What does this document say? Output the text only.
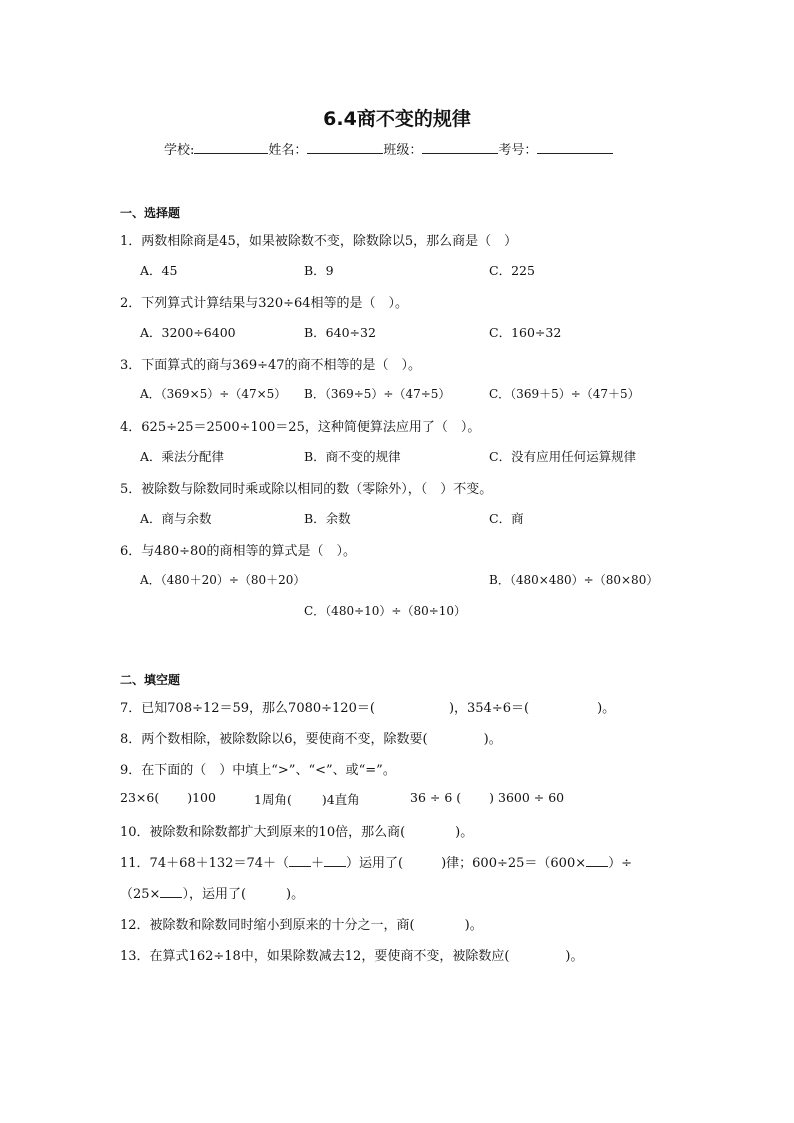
6.4商不变的规律
学校:	姓名：	班级：	考号：
一、选择题
1．两数相除商是45，如果被除数不变，除数除以5，那么商是（　）
A．45	B．9	C．225
2．下列算式计算结果与320÷64相等的是（　）。
A．3200÷6400	B．640÷32	C．160÷32
3．下面算式的商与369÷47的商不相等的是（　）。
A．（369×5）÷（47×5） B．（369÷5）÷（47÷5）	C．（369＋5）÷（47＋5）
4．625÷25＝2500÷100＝25，这种简便算法应用了（　）。
A．乘法分配律	B．商不变的规律	C．没有应用任何运算规律
5．被除数与除数同时乘或除以相同的数（零除外），（　）不变。
A．商与余数	B．余数	C．商
6．与480÷80的商相等的算式是（　）。
A．（480＋20）÷（80＋20）	B．（480×480）÷（80×80）
C．（480÷10）÷（80÷10）
二、填空题
7．已知708÷12＝59，那么7080÷120＝(	)，354÷6＝(	)。
8．两个数相除，被除数除以6，要使商不变，除数要(	)。
9．在下面的（　）中填上“>”、“<”、或“=”。
23×6( )100	1周角( )4直角	36 ÷ 6 ( ) 3600 ÷ 60
10．被除数和除数都扩大到原来的10倍，那么商(	)。
11．74＋68＋132＝74＋（ ＋ ）运用了(	)律；600÷25＝（600× ）÷
（25× ），运用了(	)。
12．被除数和除数同时缩小到原来的十分之一，商(	)。
13．在算式162÷18中，如果除数减去12，要使商不变，被除数应(	)。
